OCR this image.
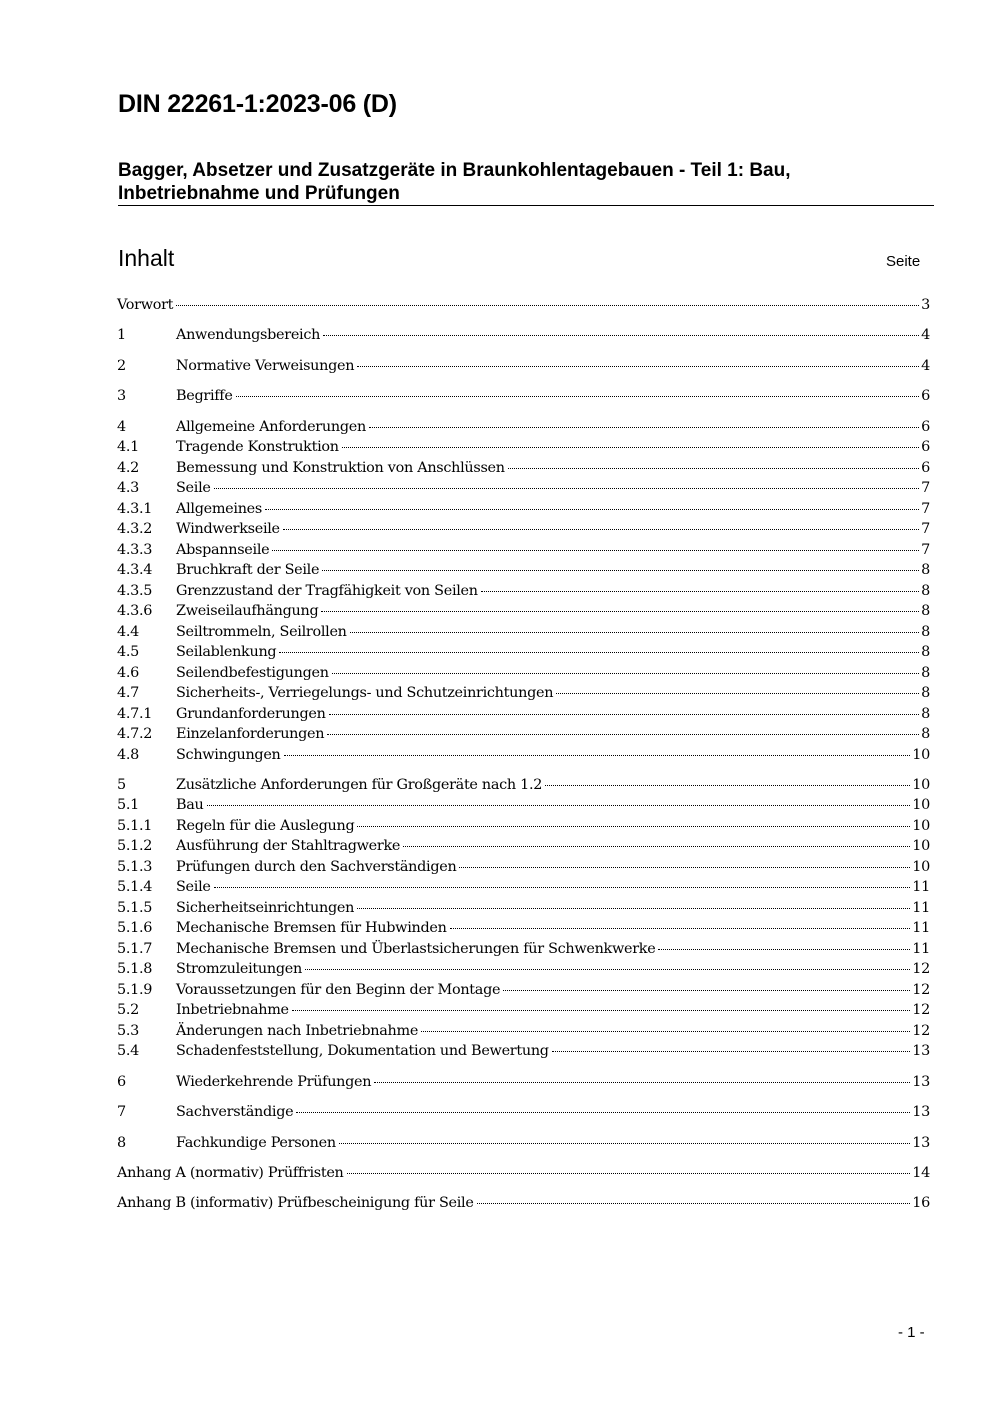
DIN 22261-1:2023-06 (D)
Bagger, Absetzer und Zusatzgeräte in Braunkohlentagebauen - Teil 1: Bau, Inbetriebnahme und Prüfungen
Inhalt	Seite
Vorwort	3
1	Anwendungsbereich	4
2	Normative Verweisungen	4
3	Begriffe	6
4	Allgemeine Anforderungen	6
4.1	Tragende Konstruktion	6
4.2	Bemessung und Konstruktion von Anschlüssen	6
4.3	Seile	7
4.3.1	Allgemeines	7
4.3.2	Windwerkseile	7
4.3.3	Abspannseile	7
4.3.4	Bruchkraft der Seile	8
4.3.5	Grenzzustand der Tragfähigkeit von Seilen	8
4.3.6	Zweiseilaufhängung	8
4.4	Seiltrommeln, Seilrollen	8
4.5	Seilablenkung	8
4.6	Seilendbefestigungen	8
4.7	Sicherheits-, Verriegelungs- und Schutzeinrichtungen	8
4.7.1	Grundanforderungen	8
4.7.2	Einzelanforderungen	8
4.8	Schwingungen	10
5	Zusätzliche Anforderungen für Großgeräte nach 1.2	10
5.1	Bau	10
5.1.1	Regeln für die Auslegung	10
5.1.2	Ausführung der Stahltragwerke	10
5.1.3	Prüfungen durch den Sachverständigen	10
5.1.4	Seile	11
5.1.5	Sicherheitseinrichtungen	11
5.1.6	Mechanische Bremsen für Hubwinden	11
5.1.7	Mechanische Bremsen und Überlastsicherungen für Schwenkwerke	11
5.1.8	Stromzuleitungen	12
5.1.9	Voraussetzungen für den Beginn der Montage	12
5.2	Inbetriebnahme	12
5.3	Änderungen nach Inbetriebnahme	12
5.4	Schadenfeststellung, Dokumentation und Bewertung	13
6	Wiederkehrende Prüfungen	13
7	Sachverständige	13
8	Fachkundige Personen	13
Anhang A (normativ) Prüffristen	14
Anhang B (informativ) Prüfbescheinigung für Seile	16
- 1 -
